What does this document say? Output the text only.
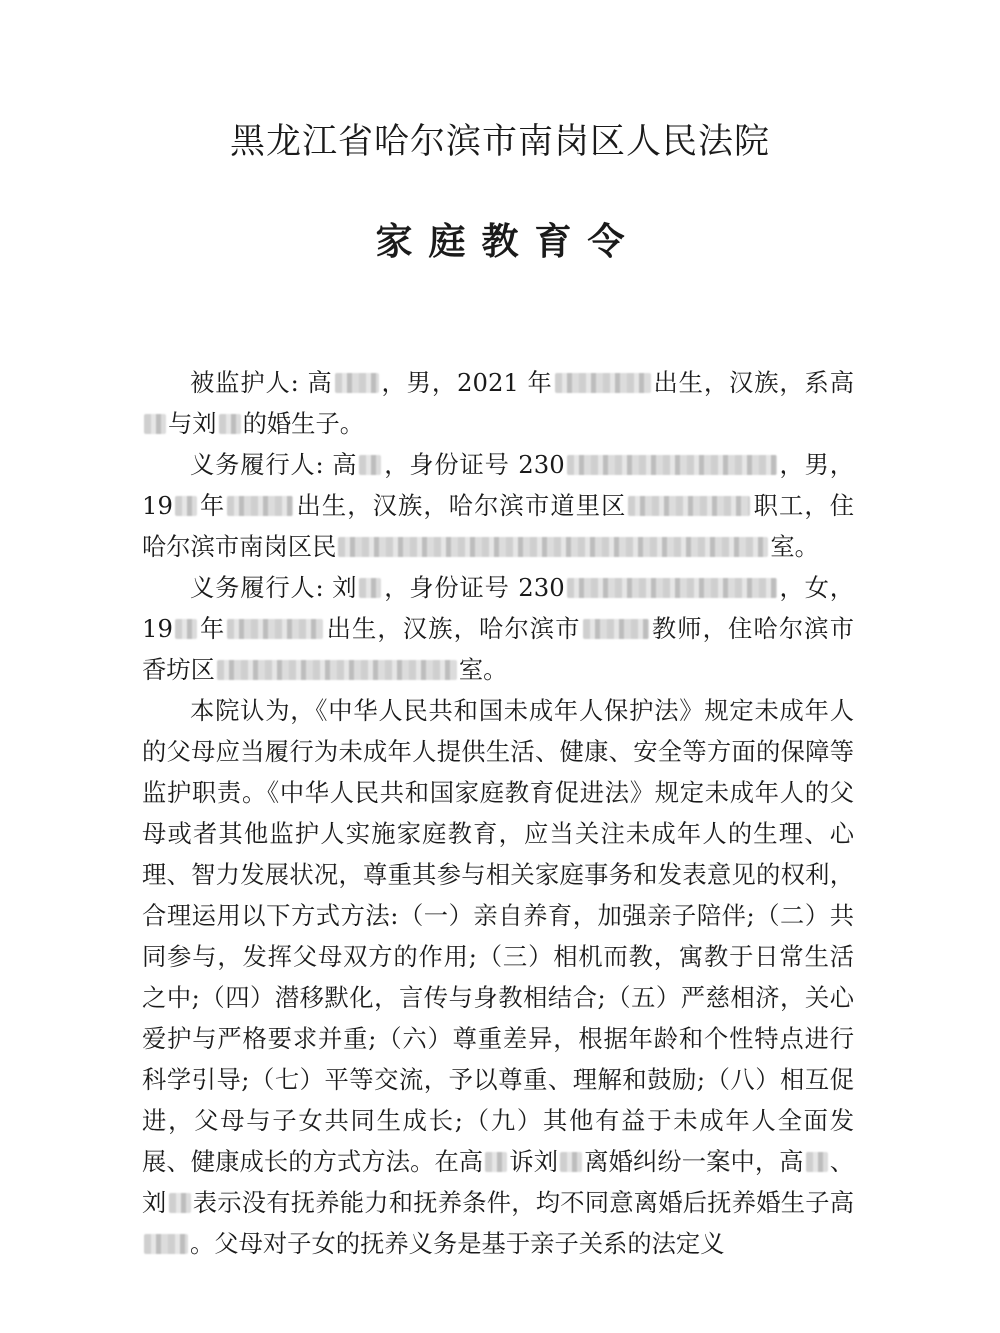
黑龙江省哈尔滨市南岗区人民法院
家庭教育令

被监护人: 高 ，男，2021 年	出生，汉族，系高与刘 的婚生子。

义务履行人: 高 ，身份证号 230	，男，19 年	出生，汉族，哈尔滨市道里区	职工，住哈尔滨市南岗区民	室。

义务履行人: 刘 ，身份证号 230	，女，19 年	出生，汉族，哈尔滨市	教师，住哈尔滨市香坊区	室。

本院认为，《中华人民共和国未成年人保护法》规定未成年人的父母应当履行为未成年人提供生活、健康、安全等方面的保障等监护职责。《中华人民共和国家庭教育促进法》规定未成年人的父母或者其他监护人实施家庭教育，应当关注未成年人的生理、心理、智力发展状况，尊重其参与相关家庭事务和发表意见的权利，合理运用以下方式方法:（一）亲自养育，加强亲子陪伴;（二）共同参与，发挥父母双方的作用;（三）相机而教，寓教于日常生活之中;（四）潜移默化，言传与身教相结合;（五）严慈相济，关心爱护与严格要求并重;（六）尊重差异，根据年龄和个性特点进行科学引导;（七）平等交流，予以尊重、理解和鼓励;（八）相互促进，父母与子女共同生成长;（九）其他有益于未成年人全面发展、健康成长的方式方法。在高 诉刘 离婚纠纷一案中，高 、刘 表示没有抚养能力和抚养条件，均不同意离婚后抚养婚生子高。父母对子女的抚养义务是基于亲子关系的法定义
